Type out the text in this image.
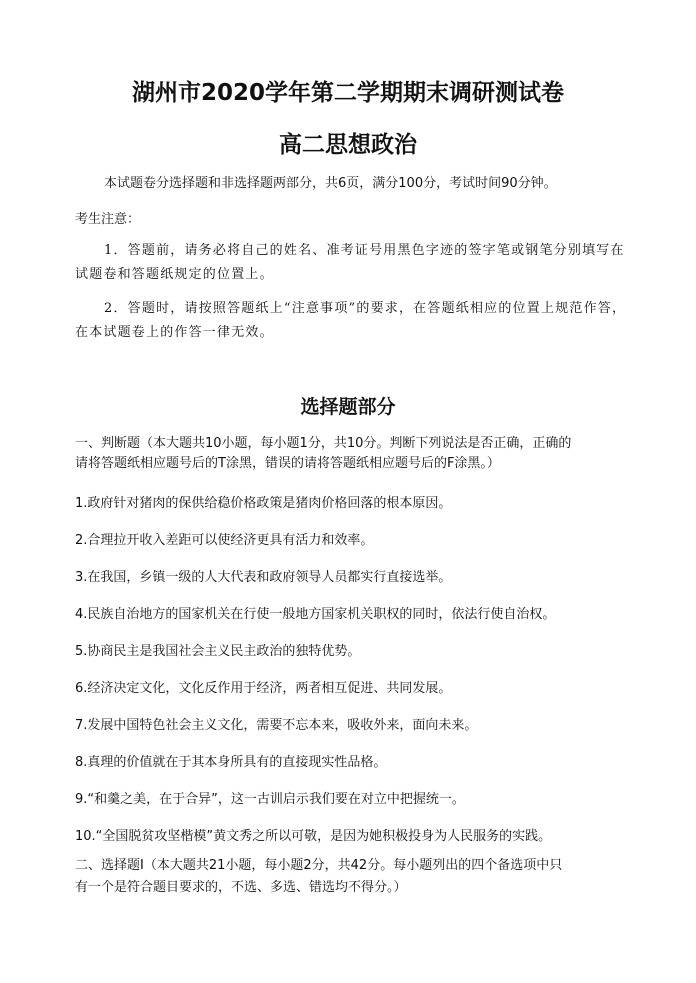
湖州市2020学年第二学期期末调研测试卷
高二思想政治
本试题卷分选择题和非选择题两部分，共6页，满分100分，考试时间90分钟。
考生注意：
1．答题前，请务必将自己的姓名、准考证号用黑色字迹的签字笔或钢笔分别填写在
试题卷和答题纸规定的位置上。
2．答题时，请按照答题纸上“注意事项”的要求，在答题纸相应的位置上规范作答，
在本试题卷上的作答一律无效。
选择题部分
一、判断题（本大题共10小题，每小题1分，共10分。判断下列说法是否正确，正确的
请将答题纸相应题号后的T涂黑，错误的请将答题纸相应题号后的F涂黑。）
1.政府针对猪肉的保供给稳价格政策是猪肉价格回落的根本原因。
2.合理拉开收入差距可以使经济更具有活力和效率。
3.在我国，乡镇一级的人大代表和政府领导人员都实行直接选举。
4.民族自治地方的国家机关在行使一般地方国家机关职权的同时，依法行使自治权。
5.协商民主是我国社会主义民主政治的独特优势。
6.经济决定文化，文化反作用于经济，两者相互促进、共同发展。
7.发展中国特色社会主义文化，需要不忘本来，吸收外来，面向未来。
8.真理的价值就在于其本身所具有的直接现实性品格。
9.“和羹之美，在于合异”，这一古训启示我们要在对立中把握统一。
10.“全国脱贫攻坚楷模”黄文秀之所以可敬，是因为她积极投身为人民服务的实践。
二、选择题Ⅰ（本大题共21小题，每小题2分，共42分。每小题列出的四个备选项中只
有一个是符合题目要求的，不选、多选、错选均不得分。）
